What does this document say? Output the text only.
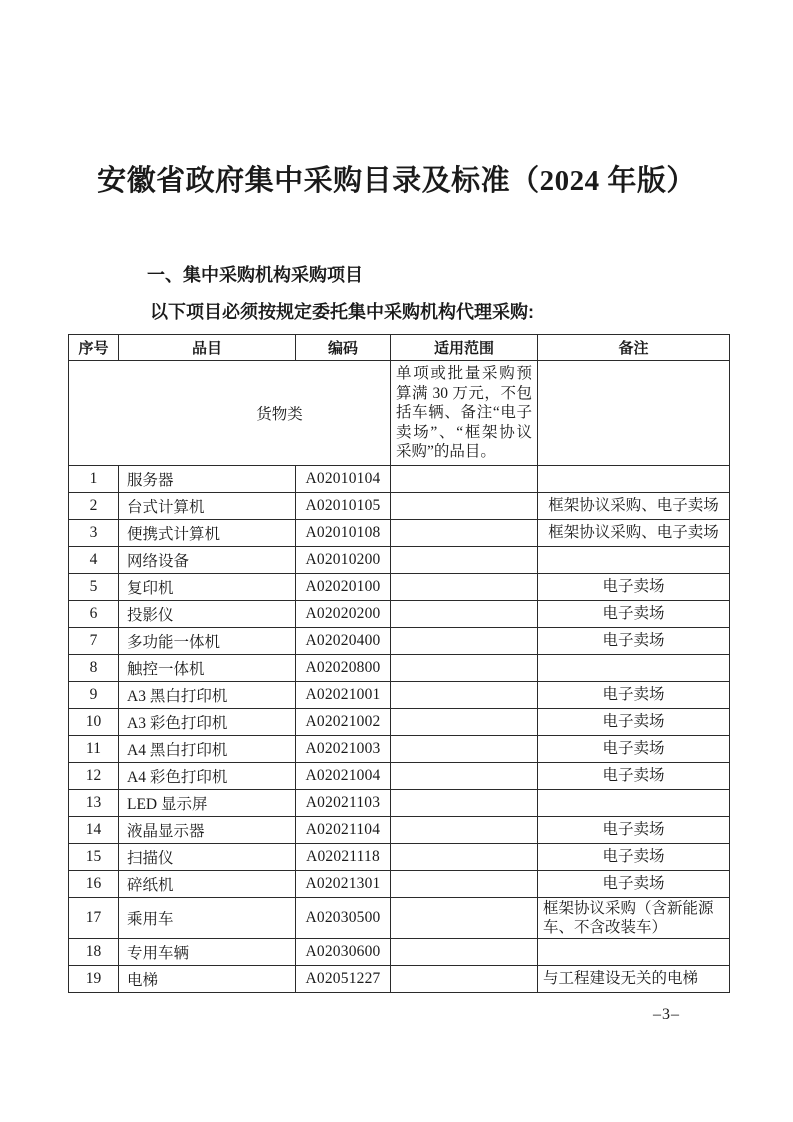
安徽省政府集中采购目录及标准（2024 年版）
一、集中采购机构采购项目
以下项目必须按规定委托集中采购机构代理采购:
序号	品目	编码	适用范围	备注
货物类			单项或批量采购预算满 30 万元，不包括车辆、备注“电子卖场”、“框架协议采购”的品目。	
1	服务器	A02010104		
2	台式计算机	A02010105		框架协议采购、电子卖场
3	便携式计算机	A02010108		框架协议采购、电子卖场
4	网络设备	A02010200		
5	复印机	A02020100		电子卖场
6	投影仪	A02020200		电子卖场
7	多功能一体机	A02020400		电子卖场
8	触控一体机	A02020800		
9	A3 黑白打印机	A02021001		电子卖场
10	A3 彩色打印机	A02021002		电子卖场
11	A4 黑白打印机	A02021003		电子卖场
12	A4 彩色打印机	A02021004		电子卖场
13	LED 显示屏	A02021103		
14	液晶显示器	A02021104		电子卖场
15	扫描仪	A02021118		电子卖场
16	碎纸机	A02021301		电子卖场
17	乘用车	A02030500		框架协议采购（含新能源车、不含改装车）
18	专用车辆	A02030600		
19	电梯	A02051227		与工程建设无关的电梯
–3–
